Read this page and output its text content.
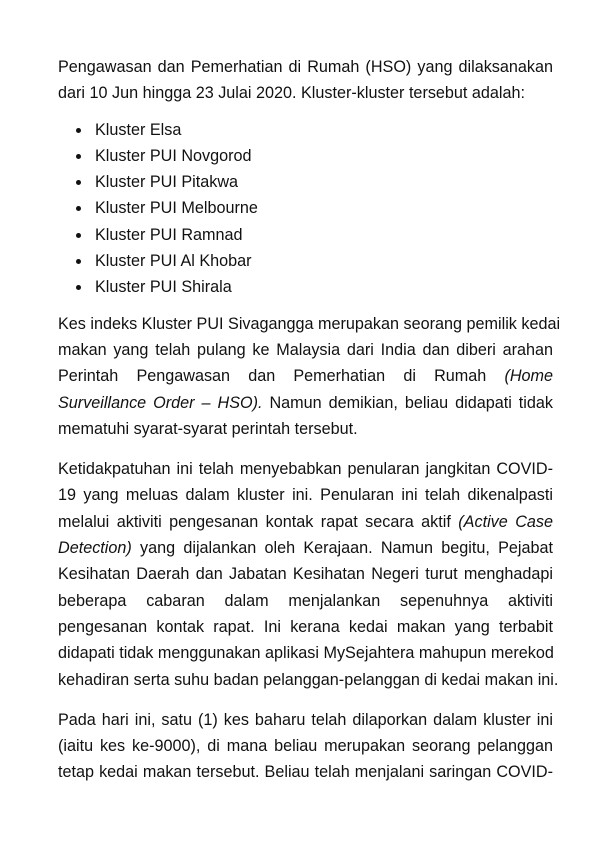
Pengawasan dan Pemerhatian di Rumah (HSO) yang dilaksanakan
dari 10 Jun hingga 23 Julai 2020. Kluster-kluster tersebut adalah:

Kluster Elsa
Kluster PUI Novgorod
Kluster PUI Pitakwa
Kluster PUI Melbourne
Kluster PUI Ramnad
Kluster PUI Al Khobar
Kluster PUI Shirala

Kes indeks Kluster PUI Sivagangga merupakan seorang pemilik kedai
makan yang telah pulang ke Malaysia dari India dan diberi arahan
Perintah Pengawasan dan Pemerhatian di Rumah (Home
Surveillance Order – HSO). Namun demikian, beliau didapati tidak
mematuhi syarat-syarat perintah tersebut.

Ketidakpatuhan ini telah menyebabkan penularan jangkitan COVID-
19 yang meluas dalam kluster ini. Penularan ini telah dikenalpasti
melalui aktiviti pengesanan kontak rapat secara aktif (Active Case
Detection) yang dijalankan oleh Kerajaan. Namun begitu, Pejabat
Kesihatan Daerah dan Jabatan Kesihatan Negeri turut menghadapi
beberapa cabaran dalam menjalankan sepenuhnya aktiviti
pengesanan kontak rapat. Ini kerana kedai makan yang terbabit
didapati tidak menggunakan aplikasi MySejahtera mahupun merekod
kehadiran serta suhu badan pelanggan-pelanggan di kedai makan ini.

Pada hari ini, satu (1) kes baharu telah dilaporkan dalam kluster ini
(iaitu kes ke-9000), di mana beliau merupakan seorang pelanggan
tetap kedai makan tersebut. Beliau telah menjalani saringan COVID-
